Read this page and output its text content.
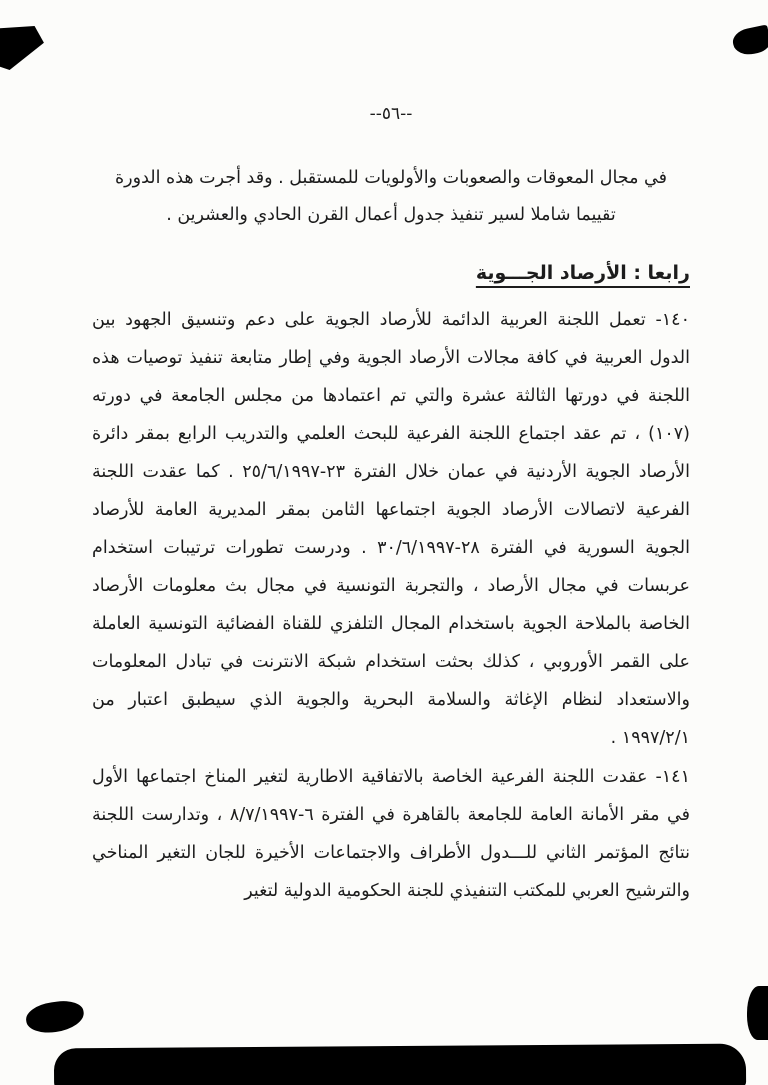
--٥٦--
في مجال المعوقات والصعوبات والأولويات للمستقبل . وقد أجرت هذه الدورة
تقييما شاملا لسير تنفيذ جدول أعمال القرن الحادي والعشرين .
رابعا : الأرصاد الجـــوية

١٤٠- تعمل اللجنة العربية الدائمة للأرصاد الجوية على دعم وتنسيق الجهود بين الدول العربية في كافة مجالات الأرصاد الجوية وفي إطار متابعة تنفيذ توصيات هذه اللجنة في دورتها الثالثة عشرة والتي تم اعتمادها من مجلس الجامعة في دورته (١٠٧) ، تم عقد اجتماع اللجنة الفرعية للبحث العلمي والتدريب الرابع بمقر دائرة الأرصاد الجوية الأردنية في عمان خلال الفترة ٢٣-٢٥/٦/١٩٩٧ . كما عقدت اللجنة الفرعية لاتصالات الأرصاد الجوية اجتماعها الثامن بمقر المديرية العامة للأرصاد الجوية السورية في الفترة ٢٨-٣٠/٦/١٩٩٧ . ودرست تطورات ترتيبات استخدام عربسات في مجال الأرصاد ، والتجربة التونسية في مجال بث معلومات الأرصاد الخاصة بالملاحة الجوية باستخدام المجال التلفزي للقناة الفضائية التونسية العاملة على القمر الأوروبي ، كذلك بحثت استخدام شبكة الانترنت في تبادل المعلومات والاستعداد لنظام الإغاثة والسلامة البحرية والجوية الذي سيطبق اعتبار من ١٩٩٧/٢/١ .

١٤١- عقدت اللجنة الفرعية الخاصة بالاتفاقية الاطارية لتغير المناخ اجتماعها الأول في مقر الأمانة العامة للجامعة بالقاهرة في الفترة ٦-٨/٧/١٩٩٧ ، وتدارست اللجنة نتائج المؤتمر الثاني للـــدول الأطراف والاجتماعات الأخيرة للجان التغير المناخي والترشيح العربي للمكتب التنفيذي للجنة الحكومية الدولية لتغير
